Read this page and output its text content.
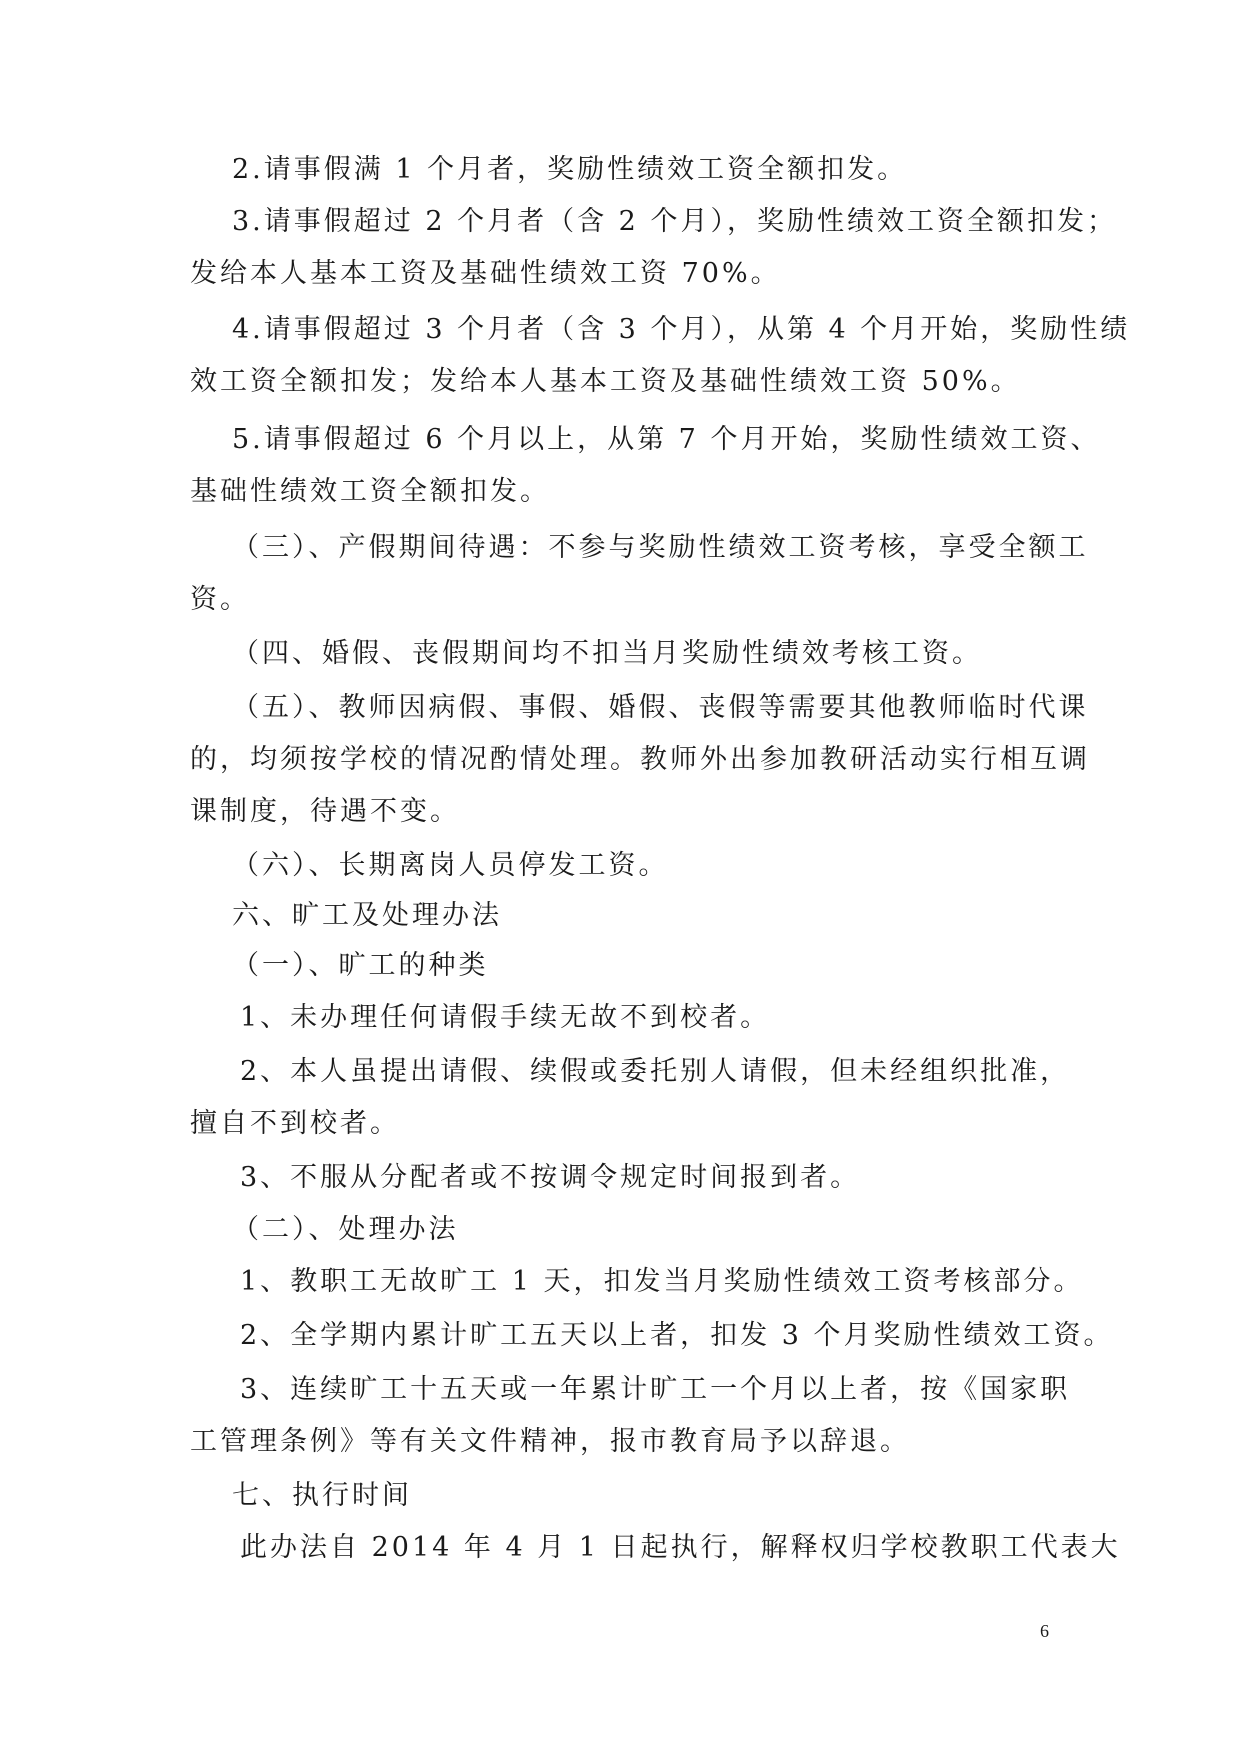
2.请事假满 1 个月者，奖励性绩效工资全额扣发。
3.请事假超过 2 个月者（含 2 个月），奖励性绩效工资全额扣发；
发给本人基本工资及基础性绩效工资 70%。
4.请事假超过 3 个月者（含 3 个月），从第 4 个月开始，奖励性绩
效工资全额扣发；发给本人基本工资及基础性绩效工资 50%。
5.请事假超过 6 个月以上，从第 7 个月开始，奖励性绩效工资、
基础性绩效工资全额扣发。
（三）、产假期间待遇：不参与奖励性绩效工资考核，享受全额工
资。
（四、婚假、丧假期间均不扣当月奖励性绩效考核工资。
（五）、教师因病假、事假、婚假、丧假等需要其他教师临时代课
的，均须按学校的情况酌情处理。教师外出参加教研活动实行相互调
课制度，待遇不变。
（六）、长期离岗人员停发工资。
六、旷工及处理办法
（一）、旷工的种类
1、未办理任何请假手续无故不到校者。
2、本人虽提出请假、续假或委托别人请假，但未经组织批准，
擅自不到校者。
3、不服从分配者或不按调令规定时间报到者。
（二）、处理办法
1、教职工无故旷工 1 天，扣发当月奖励性绩效工资考核部分。
2、全学期内累计旷工五天以上者，扣发 3 个月奖励性绩效工资。
3、连续旷工十五天或一年累计旷工一个月以上者，按《国家职
工管理条例》等有关文件精神，报市教育局予以辞退。
七、执行时间
此办法自 2014 年 4 月 1 日起执行，解释权归学校教职工代表大
6
